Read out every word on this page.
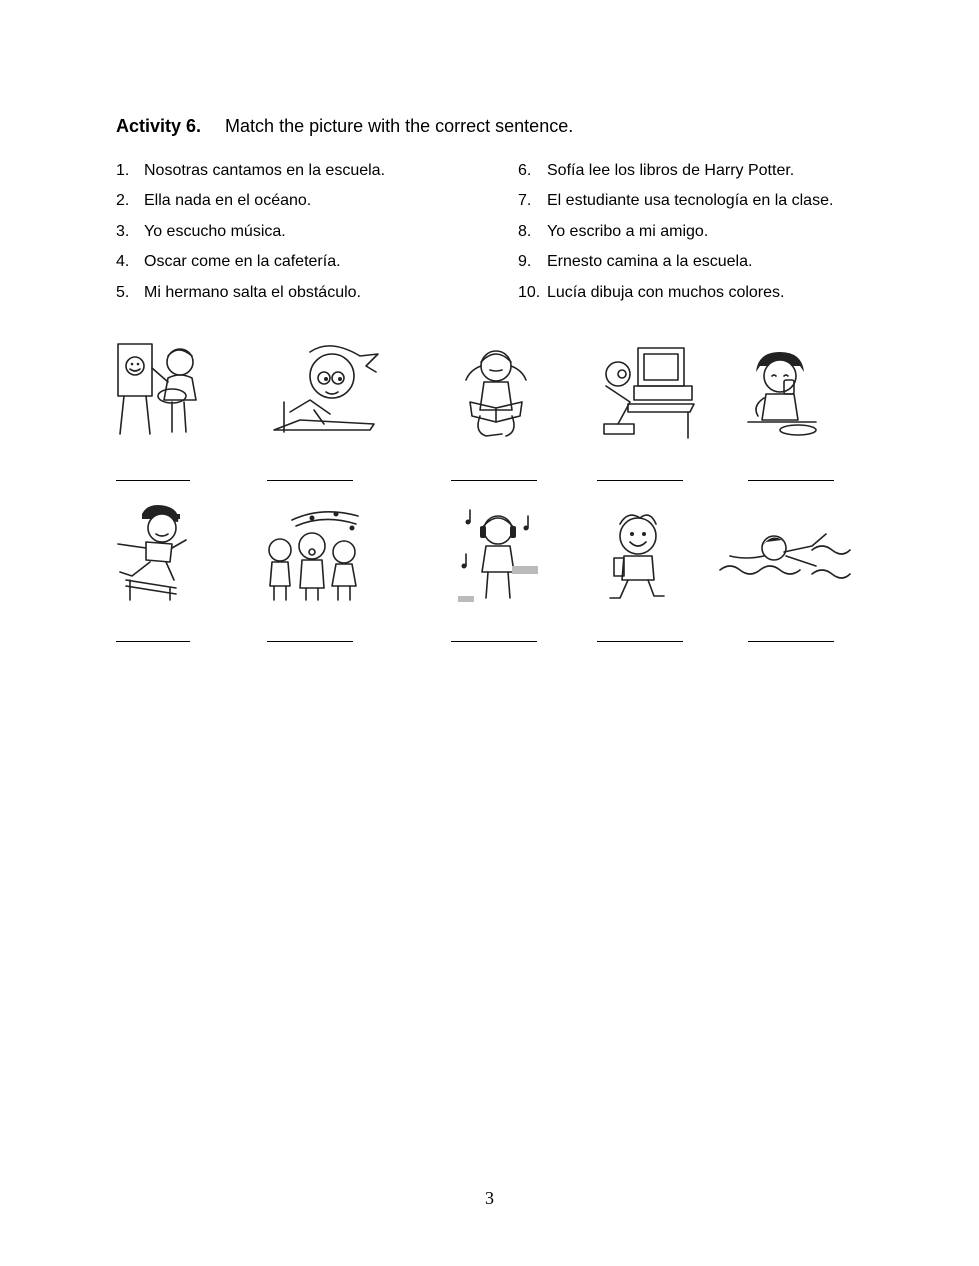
Activity 6. Match the picture with the correct sentence.
1. Nosotras cantamos en la escuela.
2. Ella nada en el océano.
3. Yo escucho música.
4. Oscar come en la cafetería.
5. Mi hermano salta el obstáculo.
6. Sofía lee los libros de Harry Potter.
7. El estudiante usa tecnología en la clase.
8. Yo escribo a mi amigo.
9. Ernesto camina a la escuela.
10. Lucía dibuja con muchos colores.
3
